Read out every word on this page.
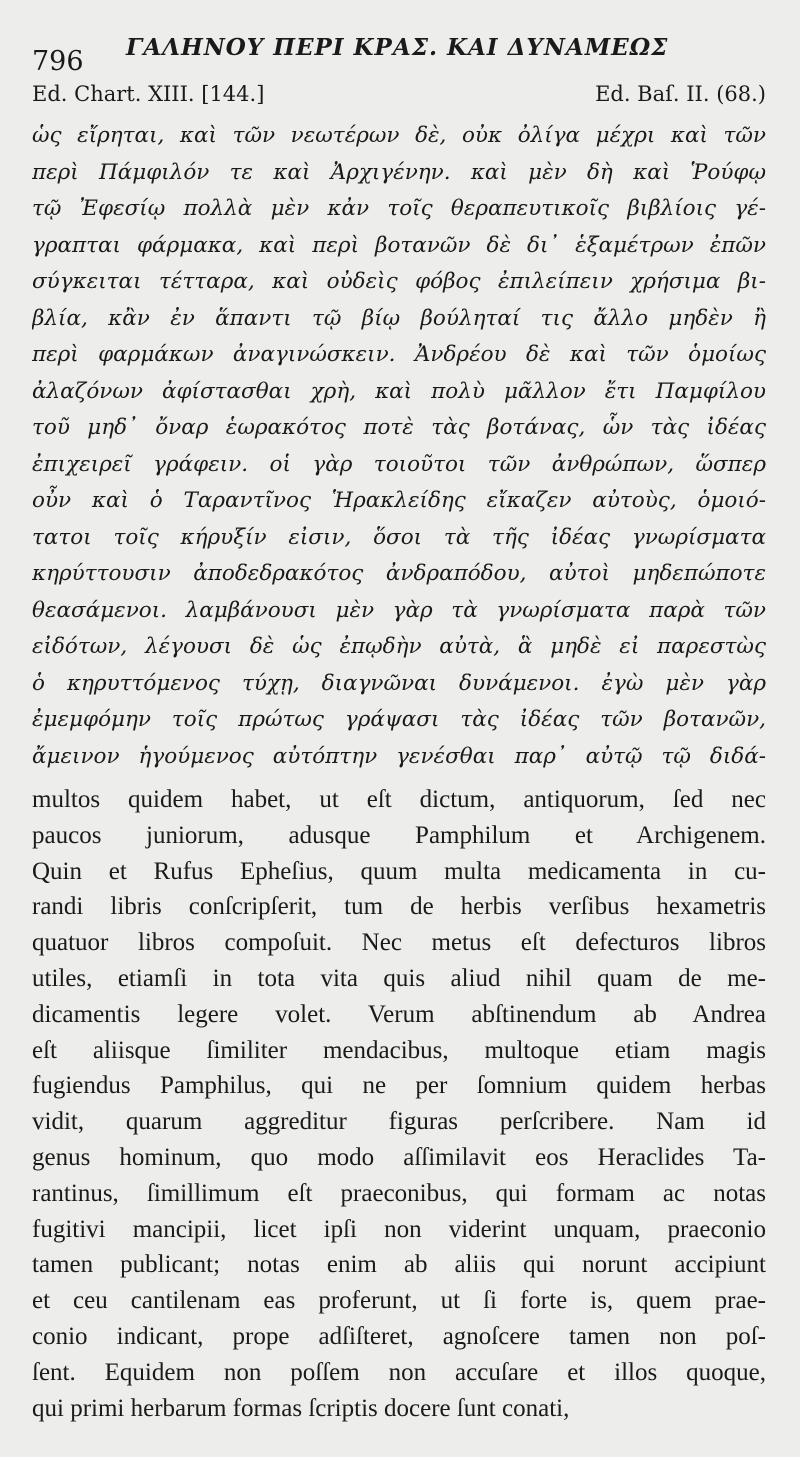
796 ΓΑΛΗΝΟΥ ΠΕΡΙ ΚΡΑΣ. ΚΑΙ ΔΥΝΑΜΕΩΣ
Ed. Chart. XIII. [144.]	Ed. Baſ. II. (68.)
ὡς εἴρηται, καὶ τῶν νεωτέρων δὲ, οὐκ ὀλίγα μέχρι καὶ τῶν
περὶ Πάμφιλόν τε καὶ Ἀρχιγένην. καὶ μὲν δὴ καὶ Ῥούφῳ
τῷ Ἐφεσίῳ πολλὰ μὲν κἀν τοῖς θεραπευτικοῖς βιβλίοις γέ-
γραπται φάρμακα, καὶ περὶ βοτανῶν δὲ δι᾽ ἑξαμέτρων ἐπῶν
σύγκειται τέτταρα, καὶ οὐδεὶς φόβος ἐπιλείπειν χρήσιμα βι-
βλία, κἂν ἐν ἅπαντι τῷ βίῳ βούληταί τις ἄλλο μηδὲν ἢ
περὶ φαρμάκων ἀναγινώσκειν. Ἀνδρέου δὲ καὶ τῶν ὁμοίως
ἀλαζόνων ἀφίστασθαι χρὴ, καὶ πολὺ μᾶλλον ἔτι Παμφίλου
τοῦ μηδ᾽ ὄναρ ἑωρακότος ποτὲ τὰς βοτάνας, ὧν τὰς ἰδέας
ἐπιχειρεῖ γράφειν. οἱ γὰρ τοιοῦτοι τῶν ἀνθρώπων, ὥσπερ
οὖν καὶ ὁ Ταραντῖνος Ἡρακλείδης εἴκαζεν αὐτοὺς, ὁμοιό-
τατοι τοῖς κήρυξίν εἰσιν, ὅσοι τὰ τῆς ἰδέας γνωρίσματα
κηρύττουσιν ἀποδεδρακότος ἀνδραπόδου, αὐτοὶ μηδεπώποτε
θεασάμενοι. λαμβάνουσι μὲν γὰρ τὰ γνωρίσματα παρὰ τῶν
εἰδότων, λέγουσι δὲ ὡς ἐπῳδὴν αὐτὰ, ἃ μηδὲ εἰ παρεστὼς
ὁ κηρυττόμενος τύχῃ, διαγνῶναι δυνάμενοι. ἐγὼ μὲν γὰρ
ἐμεμφόμην τοῖς πρώτως γράψασι τὰς ἰδέας τῶν βοτανῶν,
ἄμεινον ἡγούμενος αὐτόπτην γενέσθαι παρ᾽ αὐτῷ τῷ διδά-
multos quidem habet, ut eſt dictum, antiquorum, ſed nec
paucos juniorum, adusque Pamphilum et Archigenem.
Quin et Rufus Epheſius, quum multa medicamenta in cu-
randi libris conſcripſerit, tum de herbis verſibus hexametris
quatuor libros compoſuit. Nec metus eſt defecturos libros
utiles, etiamſi in tota vita quis aliud nihil quam de me-
dicamentis legere volet. Verum abſtinendum ab Andrea
eſt aliisque ſimiliter mendacibus, multoque etiam magis
fugiendus Pamphilus, qui ne per ſomnium quidem herbas
vidit, quarum aggreditur figuras perſcribere. Nam id
genus hominum, quo modo aſſimilavit eos Heraclides Ta-
rantinus, ſimillimum eſt praeconibus, qui formam ac notas
fugitivi mancipii, licet ipſi non viderint unquam, praeconio
tamen publicant; notas enim ab aliis qui norunt accipiunt
et ceu cantilenam eas proferunt, ut ſi forte is, quem prae-
conio indicant, prope adſiſteret, agnoſcere tamen non poſ-
ſent. Equidem non poſſem non accuſare et illos quoque,
qui primi herbarum formas ſcriptis docere ſunt conati,
